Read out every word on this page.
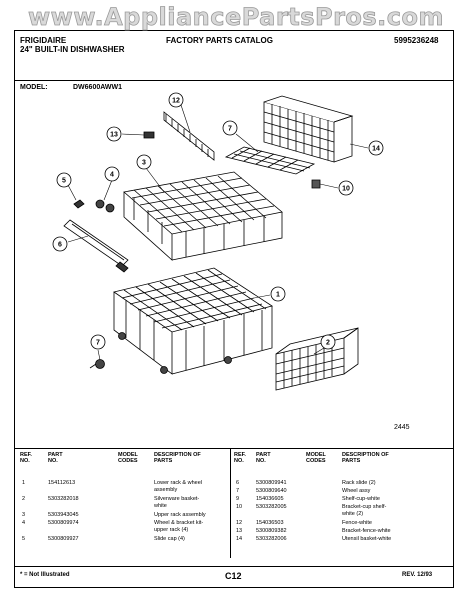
www.AppliancePartsPros.com
FRIGIDAIRE
24" BUILT-IN DISHWASHER
FACTORY PARTS CATALOG	5995236248
MODEL:	DW6600AWW1
12
13
14
7
10
3
4
5
6
1
2
7
2445
REF. NO.
PART NO.
MODEL CODES
DESCRIPTION OF PARTS
REF. NO.
PART NO.
MODEL CODES
DESCRIPTION OF PARTS
1	154112613	Lower rack & wheel
assembly
2	5303282018	Silverware basket-
white
3	5303943045	Upper rack assembly
4	5300809974	Wheel & bracket kit-
upper rack (4)
5	5300809927	Slide cap (4)
6	5300809941	Rack slide (2)
7	5300809640	Wheel assy
9	154036605	Shelf-cup-white
10	5303282005	Bracket-cup shelf-
white (2)
12	154036503	Fence-white
13	5300809382	Bracket-fence-white
14	5303282006	Utensil basket-white
* = Not Illustrated	C12	REV. 12/93
